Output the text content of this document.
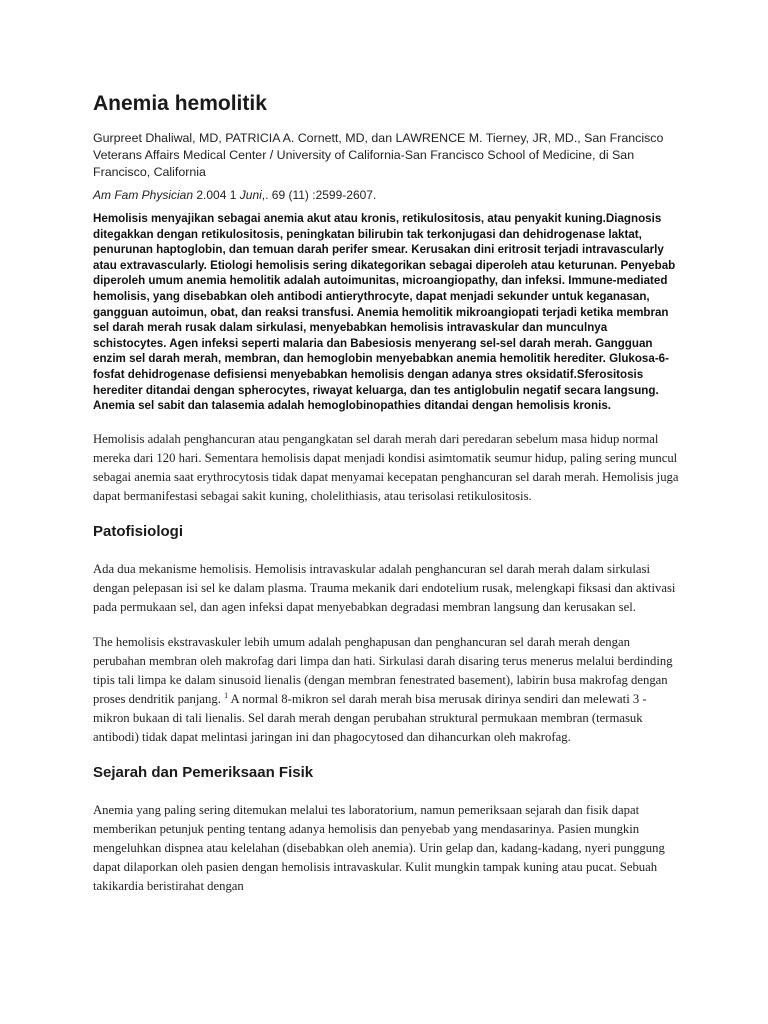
Anemia hemolitik

Gurpreet Dhaliwal, MD, PATRICIA A. Cornett, MD, dan LAWRENCE M. Tierney, JR, MD., San Francisco Veterans Affairs Medical Center / University of California-San Francisco School of Medicine, di San Francisco, California

Am Fam Physician 2.004 1 Juni,. 69 (11) :2599-2607.

Hemolisis menyajikan sebagai anemia akut atau kronis, retikulositosis, atau penyakit kuning.Diagnosis ditegakkan dengan retikulositosis, peningkatan bilirubin tak terkonjugasi dan dehidrogenase laktat, penurunan haptoglobin, dan temuan darah perifer smear. Kerusakan dini eritrosit terjadi intravascularly atau extravascularly. Etiologi hemolisis sering dikategorikan sebagai diperoleh atau keturunan. Penyebab diperoleh umum anemia hemolitik adalah autoimunitas, microangiopathy, dan infeksi. Immune-mediated hemolisis, yang disebabkan oleh antibodi antierythrocyte, dapat menjadi sekunder untuk keganasan, gangguan autoimun, obat, dan reaksi transfusi. Anemia hemolitik mikroangiopati terjadi ketika membran sel darah merah rusak dalam sirkulasi, menyebabkan hemolisis intravaskular dan munculnya schistocytes. Agen infeksi seperti malaria dan Babesiosis menyerang sel-sel darah merah. Gangguan enzim sel darah merah, membran, dan hemoglobin menyebabkan anemia hemolitik herediter. Glukosa-6-fosfat dehidrogenase defisiensi menyebabkan hemolisis dengan adanya stres oksidatif.Sferositosis herediter ditandai dengan spherocytes, riwayat keluarga, dan tes antiglobulin negatif secara langsung. Anemia sel sabit dan talasemia adalah hemoglobinopathies ditandai dengan hemolisis kronis.

Hemolisis adalah penghancuran atau pengangkatan sel darah merah dari peredaran sebelum masa hidup normal mereka dari 120 hari. Sementara hemolisis dapat menjadi kondisi asimtomatik seumur hidup, paling sering muncul sebagai anemia saat erythrocytosis tidak dapat menyamai kecepatan penghancuran sel darah merah. Hemolisis juga dapat bermanifestasi sebagai sakit kuning, cholelithiasis, atau terisolasi retikulositosis.

Patofisiologi

Ada dua mekanisme hemolisis. Hemolisis intravaskular adalah penghancuran sel darah merah dalam sirkulasi dengan pelepasan isi sel ke dalam plasma. Trauma mekanik dari endotelium rusak, melengkapi fiksasi dan aktivasi pada permukaan sel, dan agen infeksi dapat menyebabkan degradasi membran langsung dan kerusakan sel.

The hemolisis ekstravaskuler lebih umum adalah penghapusan dan penghancuran sel darah merah dengan perubahan membran oleh makrofag dari limpa dan hati. Sirkulasi darah disaring terus menerus melalui berdinding tipis tali limpa ke dalam sinusoid lienalis (dengan membran fenestrated basement), labirin busa makrofag dengan proses dendritik panjang. $^1$ A normal 8-mikron sel darah merah bisa merusak dirinya sendiri dan melewati 3 - mikron bukaan di tali lienalis. Sel darah merah dengan perubahan struktural permukaan membran (termasuk antibodi) tidak dapat melintasi jaringan ini dan phagocytosed dan dihancurkan oleh makrofag.

Sejarah dan Pemeriksaan Fisik

Anemia yang paling sering ditemukan melalui tes laboratorium, namun pemeriksaan sejarah dan fisik dapat memberikan petunjuk penting tentang adanya hemolisis dan penyebab yang mendasarinya. Pasien mungkin mengeluhkan dispnea atau kelelahan (disebabkan oleh anemia). Urin gelap dan, kadang-kadang, nyeri punggung dapat dilaporkan oleh pasien dengan hemolisis intravaskular. Kulit mungkin tampak kuning atau pucat. Sebuah takikardia beristirahat dengan
